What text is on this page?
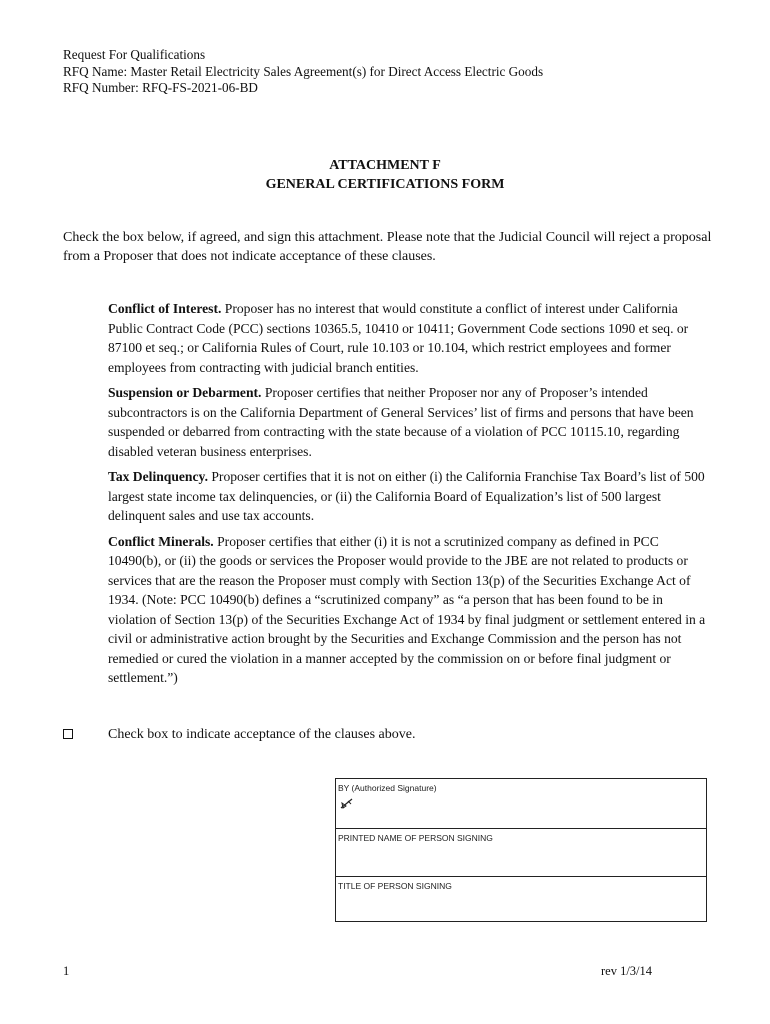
Request For Qualifications
RFQ Name: Master Retail Electricity Sales Agreement(s) for Direct Access Electric Goods
RFQ Number: RFQ-FS-2021-06-BD
ATTACHMENT F
GENERAL CERTIFICATIONS FORM
Check the box below, if agreed, and sign this attachment. Please note that the Judicial Council will reject a proposal from a Proposer that does not indicate acceptance of these clauses.

Conflict of Interest. Proposer has no interest that would constitute a conflict of interest under California Public Contract Code (PCC) sections 10365.5, 10410 or 10411; Government Code sections 1090 et seq. or 87100 et seq.; or California Rules of Court, rule 10.103 or 10.104, which restrict employees and former employees from contracting with judicial branch entities.

Suspension or Debarment. Proposer certifies that neither Proposer nor any of Proposer’s intended subcontractors is on the California Department of General Services’ list of firms and persons that have been suspended or debarred from contracting with the state because of a violation of PCC 10115.10, regarding disabled veteran business enterprises.

Tax Delinquency. Proposer certifies that it is not on either (i) the California Franchise Tax Board’s list of 500 largest state income tax delinquencies, or (ii) the California Board of Equalization’s list of 500 largest delinquent sales and use tax accounts.

Conflict Minerals. Proposer certifies that either (i) it is not a scrutinized company as defined in PCC 10490(b), or (ii) the goods or services the Proposer would provide to the JBE are not related to products or services that are the reason the Proposer must comply with Section 13(p) of the Securities Exchange Act of 1934. (Note: PCC 10490(b) defines a “scrutinized company” as “a person that has been found to be in violation of Section 13(p) of the Securities Exchange Act of 1934 by final judgment or settlement entered in a civil or administrative action brought by the Securities and Exchange Commission and the person has not remedied or cured the violation in a manner accepted by the commission on or before final judgment or settlement.”)

Check box to indicate acceptance of the clauses above.
BY (Authorized Signature)
PRINTED NAME OF PERSON SIGNING
TITLE OF PERSON SIGNING
1	rev 1/3/14
